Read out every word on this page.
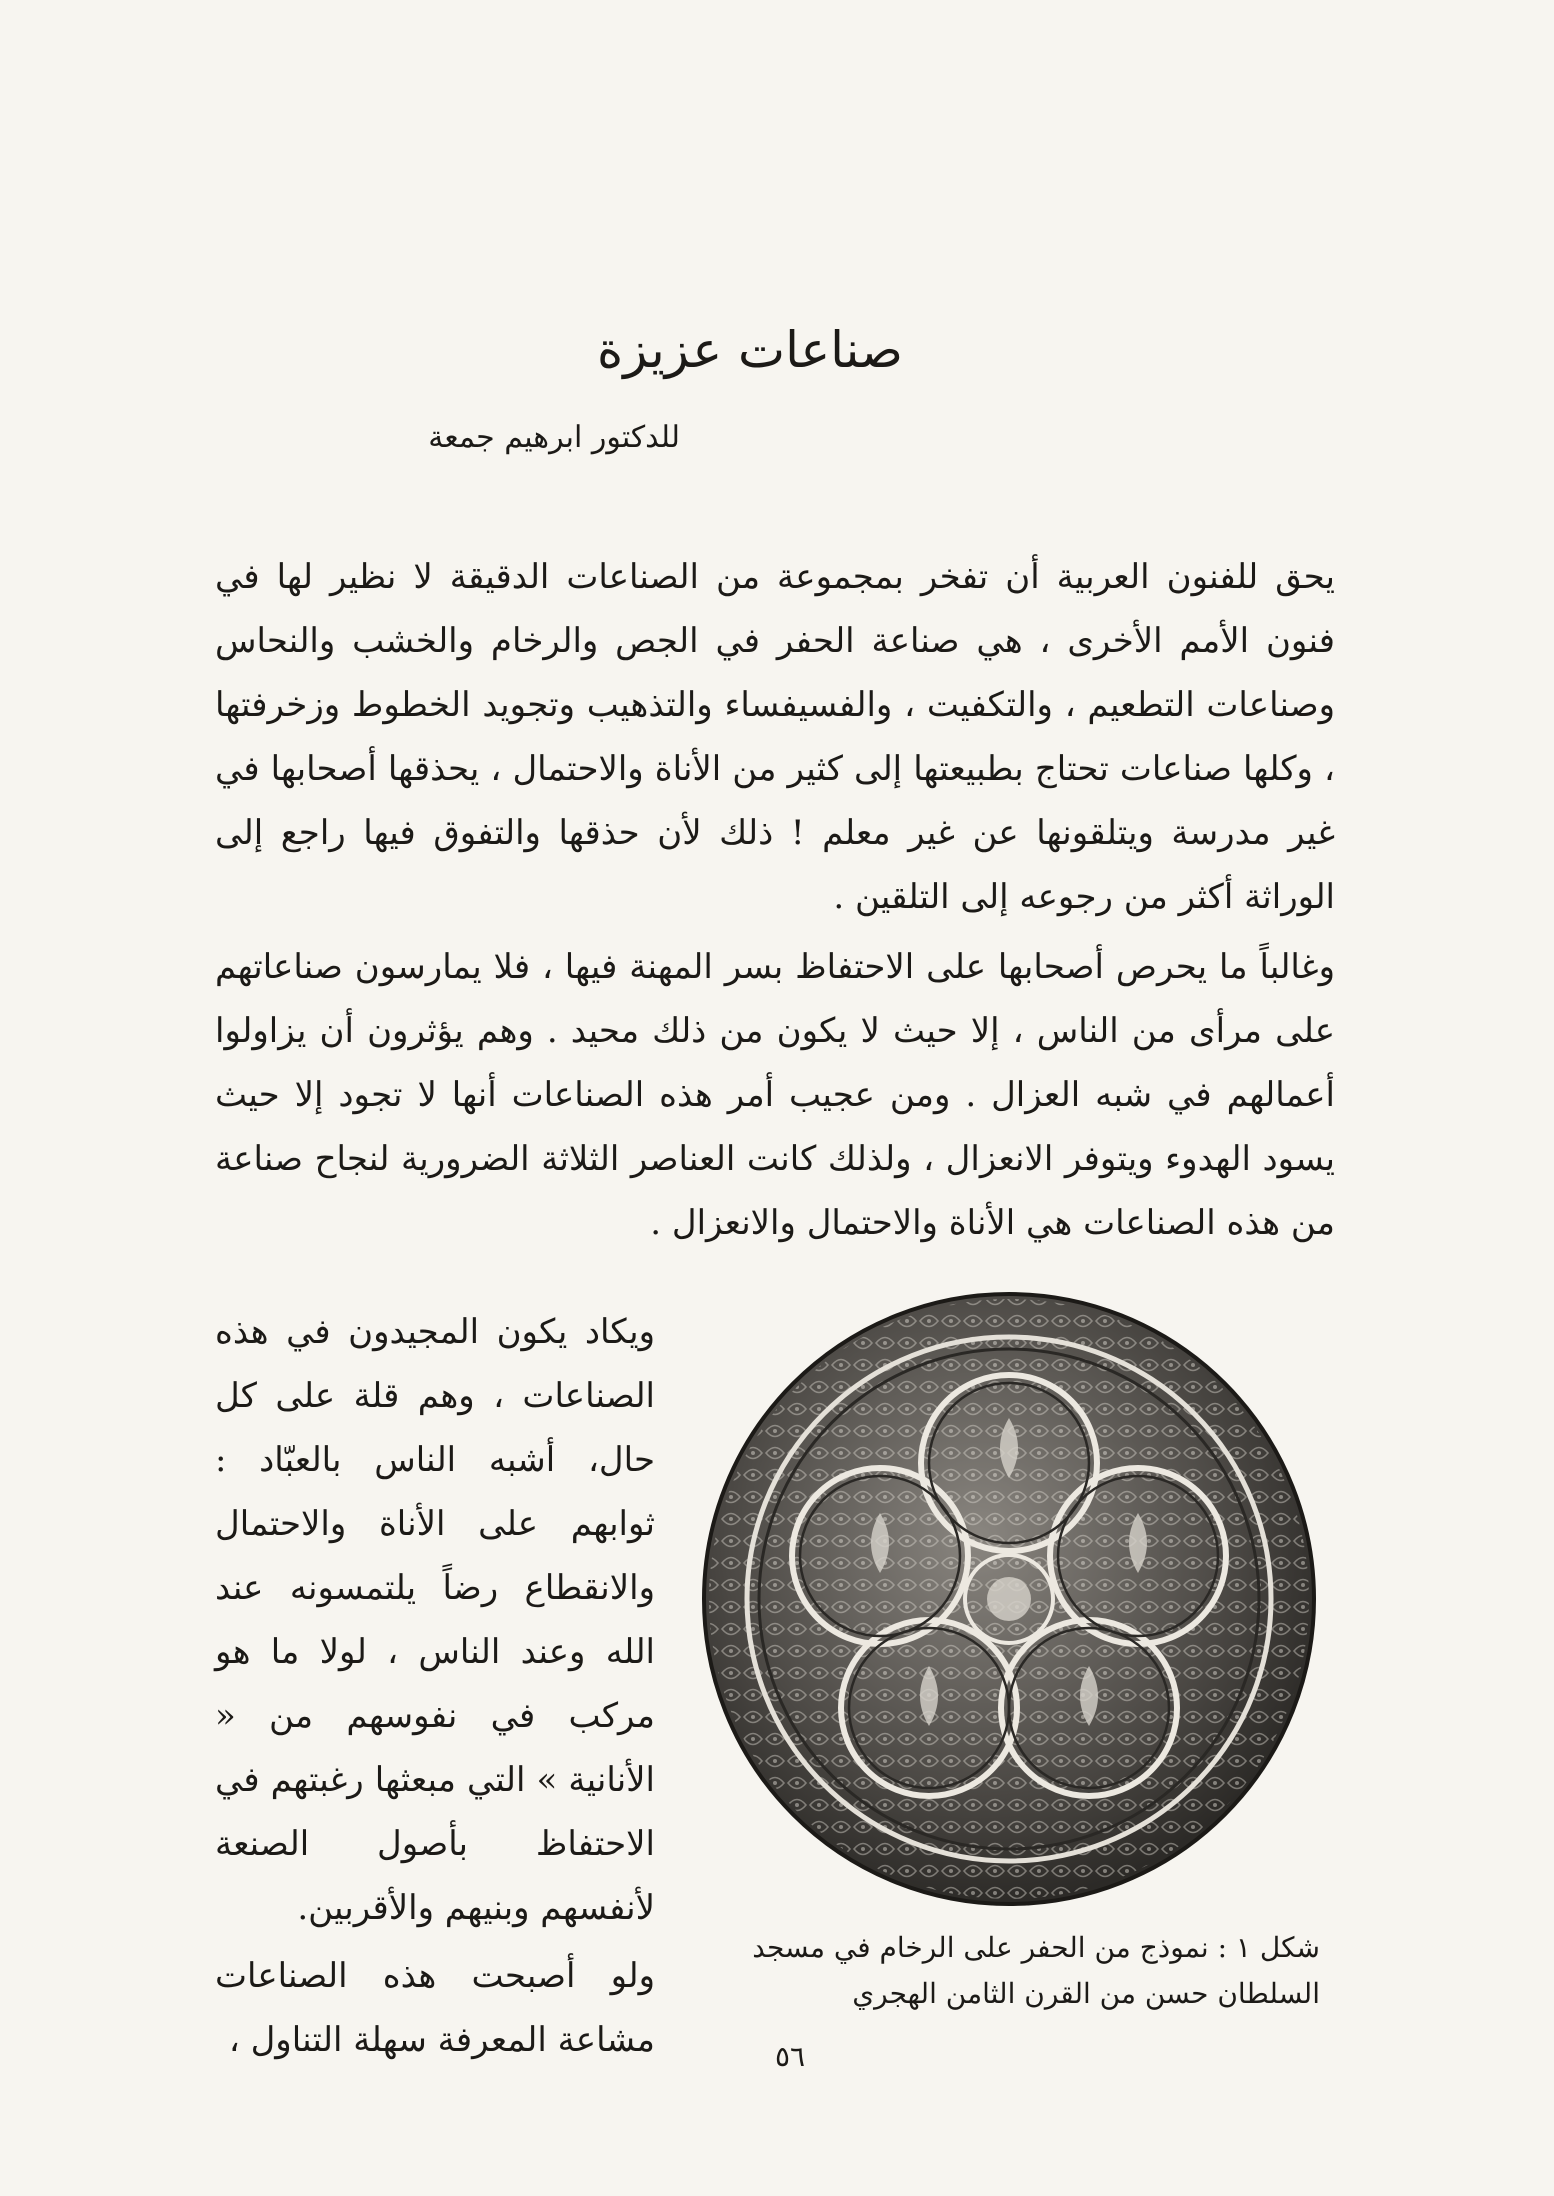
صناعات عزيزة
للدكتور ابرهيم جمعة

يحق للفنون العربية أن تفخر بمجموعة من الصناعات الدقيقة لا نظير لها في فنون الأمم الأخرى ، هي صناعة الحفر في الجص والرخام والخشب والنحاس وصناعات التطعيم ، والتكفيت ، والفسيفساء والتذهيب وتجويد الخطوط وزخرفتها ، وكلها صناعات تحتاج بطبيعتها إلى كثير من الأناة والاحتمال ، يحذقها أصحابها في غير مدرسة ويتلقونها عن غير معلم ! ذلك لأن حذقها والتفوق فيها راجع إلى الوراثة أكثر من رجوعه إلى التلقين .

وغالباً ما يحرص أصحابها على الاحتفاظ بسر المهنة فيها ، فلا يمارسون صناعاتهم على مرأى من الناس ، إلا حيث لا يكون من ذلك محيد . وهم يؤثرون أن يزاولوا أعمالهم في شبه العزال . ومن عجيب أمر هذه الصناعات أنها لا تجود إلا حيث يسود الهدوء ويتوفر الانعزال ، ولذلك كانت العناصر الثلاثة الضرورية لنجاح صناعة من هذه الصناعات هي الأناة والاحتمال والانعزال .

ويكاد يكون المجيدون في هذه الصناعات ، وهم قلة على كل حال، أشبه الناس بالعبّاد : ثوابهم على الأناة والاحتمال والانقطاع رضاً يلتمسونه عند الله وعند الناس ، لولا ما هو مركب في نفوسهم من « الأنانية » التي مبعثها رغبتهم في الاحتفاظ بأصول الصنعة لأنفسهم وبنيهم والأقربين.

ولو أصبحت هذه الصناعات مشاعة المعرفة سهلة التناول ،

شكل ١ : نموذج من الحفر على الرخام في مسجد السلطان حسن من القرن الثامن الهجري
٥٦
